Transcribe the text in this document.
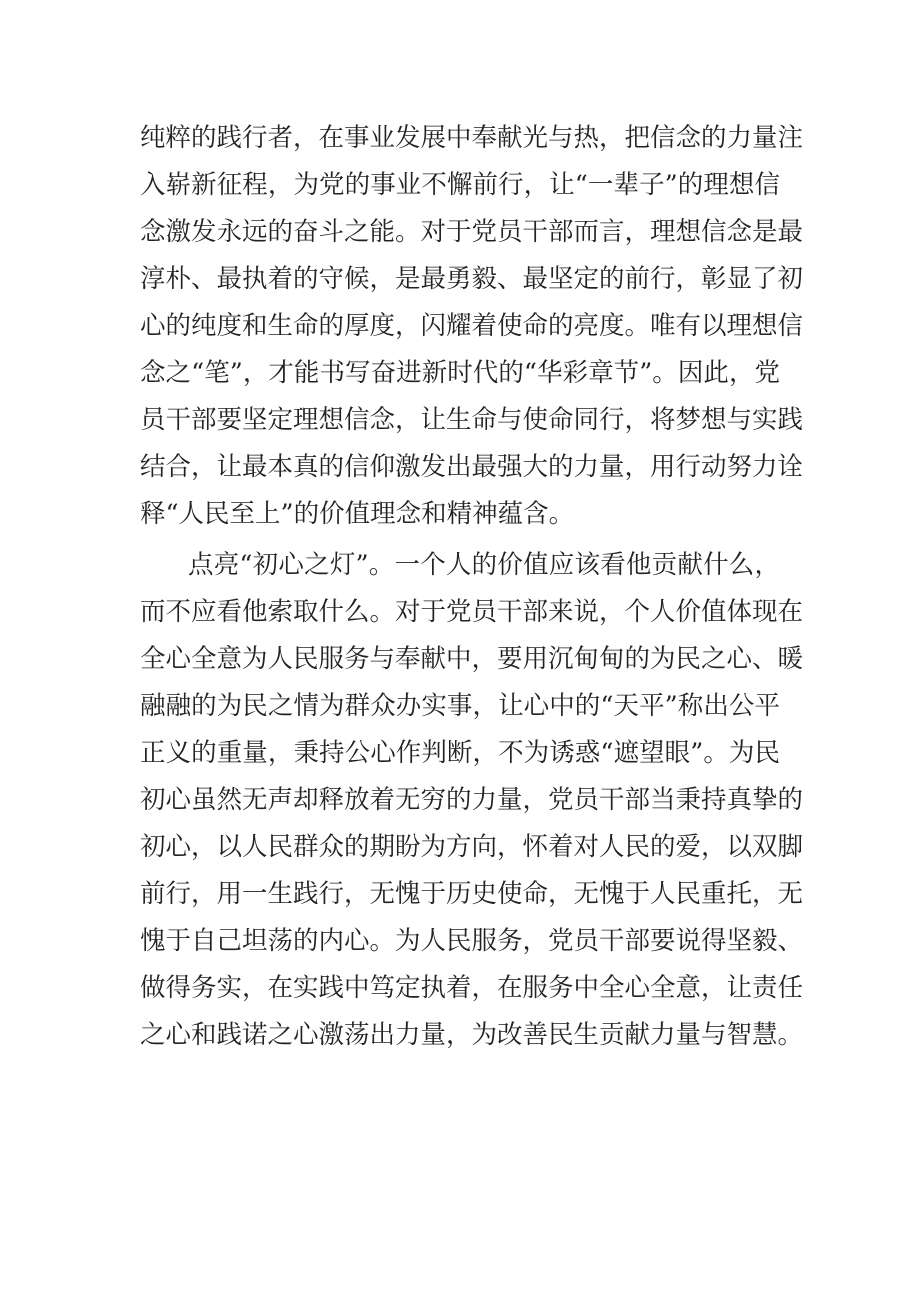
纯粹的践行者，在事业发展中奉献光与热，把信念的力量注
入崭新征程，为党的事业不懈前行，让“一辈子”的理想信
念激发永远的奋斗之能。对于党员干部而言，理想信念是最
淳朴、最执着的守候，是最勇毅、最坚定的前行，彰显了初
心的纯度和生命的厚度，闪耀着使命的亮度。唯有以理想信
念之“笔”，才能书写奋进新时代的“华彩章节”。因此，党
员干部要坚定理想信念，让生命与使命同行，将梦想与实践
结合，让最本真的信仰激发出最强大的力量，用行动努力诠
释“人民至上”的价值理念和精神蕴含。
点亮“初心之灯”。一个人的价值应该看他贡献什么，
而不应看他索取什么。对于党员干部来说，个人价值体现在
全心全意为人民服务与奉献中，要用沉甸甸的为民之心、暖
融融的为民之情为群众办实事，让心中的“天平”称出公平
正义的重量，秉持公心作判断，不为诱惑“遮望眼”。为民
初心虽然无声却释放着无穷的力量，党员干部当秉持真挚的
初心，以人民群众的期盼为方向，怀着对人民的爱，以双脚
前行，用一生践行，无愧于历史使命，无愧于人民重托，无
愧于自己坦荡的内心。为人民服务，党员干部要说得坚毅、
做得务实，在实践中笃定执着，在服务中全心全意，让责任
之心和践诺之心激荡出力量，为改善民生贡献力量与智慧。
